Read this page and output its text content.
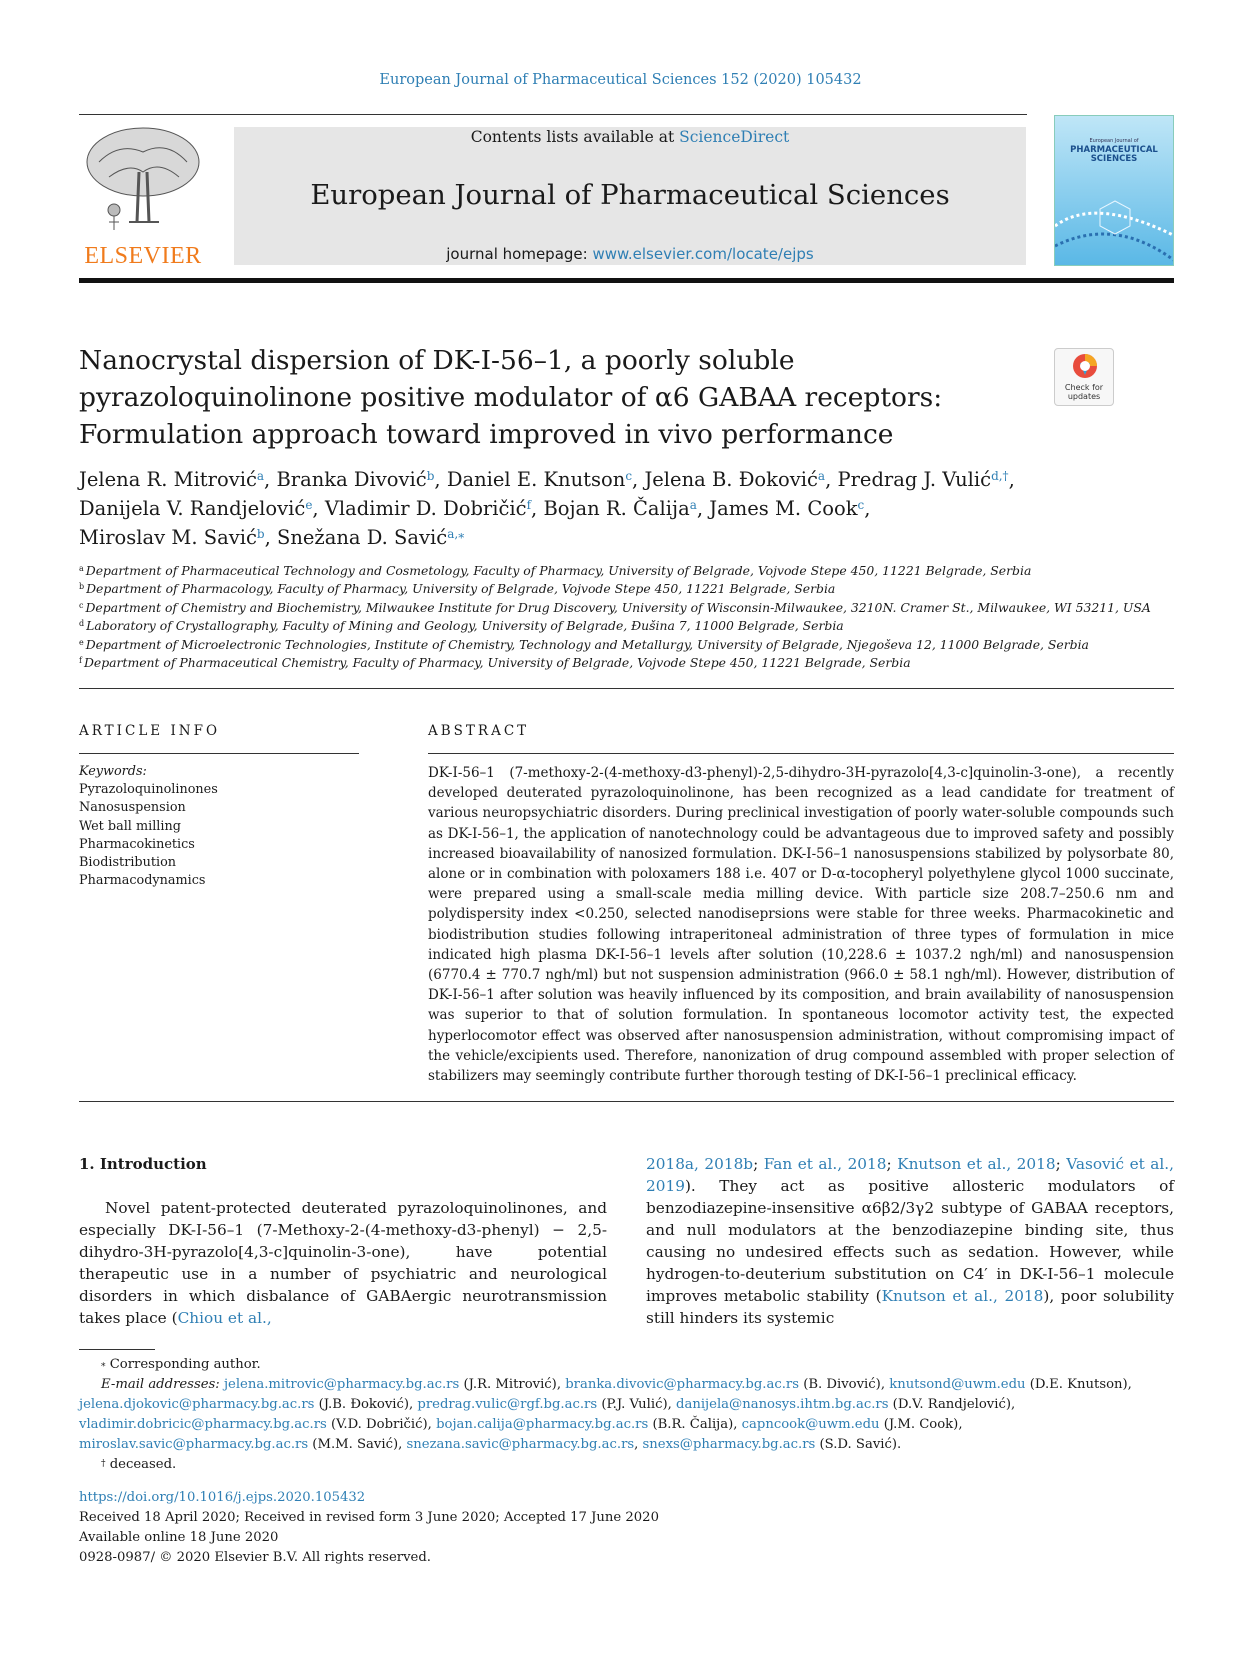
European Journal of Pharmaceutical Sciences 152 (2020) 105432
ELSEVIER
Contents lists available at ScienceDirect
European Journal of Pharmaceutical Sciences
journal homepage: www.elsevier.com/locate/ejps
European Journal of
PHARMACEUTICAL
SCIENCES
Nanocrystal dispersion of DK-I-56–1, a poorly soluble pyrazoloquinolinone positive modulator of α6 GABAA receptors: Formulation approach toward improved in vivo performance
Check for
updates
Jelena R. Mitrović$^a$, Branka Divović$^b$, Daniel E. Knutson$^c$, Jelena B. Đoković$^a$, Predrag J. Vulić$^{d,\dagger}$,
Danijela V. Randjelović$^e$, Vladimir D. Dobričić$^f$, Bojan R. Čalija$^a$, James M. Cook$^c$,
Miroslav M. Savić$^b$, Snežana D. Savić$^{a,⁎}$
$^a$ Department of Pharmaceutical Technology and Cosmetology, Faculty of Pharmacy, University of Belgrade, Vojvode Stepe 450, 11221 Belgrade, Serbia
$^b$ Department of Pharmacology, Faculty of Pharmacy, University of Belgrade, Vojvode Stepe 450, 11221 Belgrade, Serbia
$^c$ Department of Chemistry and Biochemistry, Milwaukee Institute for Drug Discovery, University of Wisconsin-Milwaukee, 3210N. Cramer St., Milwaukee, WI 53211, USA
$^d$ Laboratory of Crystallography, Faculty of Mining and Geology, University of Belgrade, Đušina 7, 11000 Belgrade, Serbia
$^e$ Department of Microelectronic Technologies, Institute of Chemistry, Technology and Metallurgy, University of Belgrade, Njegoševa 12, 11000 Belgrade, Serbia
$^f$ Department of Pharmaceutical Chemistry, Faculty of Pharmacy, University of Belgrade, Vojvode Stepe 450, 11221 Belgrade, Serbia
ARTICLE INFO	ABSTRACT
Keywords:
Pyrazoloquinolinones
Nanosuspension
Wet ball milling
Pharmacokinetics
Biodistribution
Pharmacodynamics
DK-I-56–1 (7-methoxy-2-(4-methoxy-d3-phenyl)-2,5-dihydro-3H-pyrazolo[4,3-c]quinolin-3-one), a recently developed deuterated pyrazoloquinolinone, has been recognized as a lead candidate for treatment of various neuropsychiatric disorders. During preclinical investigation of poorly water-soluble compounds such as DK-I-56–1, the application of nanotechnology could be advantageous due to improved safety and possibly increased bioavailability of nanosized formulation. DK-I-56–1 nanosuspensions stabilized by polysorbate 80, alone or in combination with poloxamers 188 i.e. 407 or D-α-tocopheryl polyethylene glycol 1000 succinate, were prepared using a small-scale media milling device. With particle size 208.7–250.6 nm and polydispersity index <0.250, selected nanodiseprsions were stable for three weeks. Pharmacokinetic and biodistribution studies following intraperitoneal administration of three types of formulation in mice indicated high plasma DK-I-56–1 levels after solution (10,228.6 ± 1037.2 ngh/ml) and nanosuspension (6770.4 ± 770.7 ngh/ml) but not suspension administration (966.0 ± 58.1 ngh/ml). However, distribution of DK-I-56–1 after solution was heavily influenced by its composition, and brain availability of nanosuspension was superior to that of solution formulation. In spontaneous locomotor activity test, the expected hyperlocomotor effect was observed after nanosuspension administration, without compromising impact of the vehicle/excipients used. Therefore, nanonization of drug compound assembled with proper selection of stabilizers may seemingly contribute further thorough testing of DK-I-56–1 preclinical efficacy.
1. Introduction
Novel patent-protected deuterated pyrazoloquinolinones, and especially DK-I-56–1 (7-Methoxy-2-(4-methoxy-d3-phenyl) − 2,5-dihydro-3H-pyrazolo[4,3-c]quinolin-3-one), have potential therapeutic use in a number of psychiatric and neurological disorders in which disbalance of GABAergic neurotransmission takes place (Chiou et al.,
2018a, 2018b; Fan et al., 2018; Knutson et al., 2018; Vasović et al., 2019). They act as positive allosteric modulators of benzodiazepine-insensitive α6β2/3γ2 subtype of GABAA receptors, and null modulators at the benzodiazepine binding site, thus causing no undesired effects such as sedation. However, while hydrogen-to-deuterium substitution on C4′ in DK-I-56–1 molecule improves metabolic stability (Knutson et al., 2018), poor solubility still hinders its systemic
⁎ Corresponding author.
E-mail addresses: jelena.mitrovic@pharmacy.bg.ac.rs (J.R. Mitrović), branka.divovic@pharmacy.bg.ac.rs (B. Divović), knutsond@uwm.edu (D.E. Knutson),
jelena.djokovic@pharmacy.bg.ac.rs (J.B. Đoković), predrag.vulic@rgf.bg.ac.rs (P.J. Vulić), danijela@nanosys.ihtm.bg.ac.rs (D.V. Randjelović),
vladimir.dobricic@pharmacy.bg.ac.rs (V.D. Dobričić), bojan.calija@pharmacy.bg.ac.rs (B.R. Čalija), capncook@uwm.edu (J.M. Cook),
miroslav.savic@pharmacy.bg.ac.rs (M.M. Savić), snezana.savic@pharmacy.bg.ac.rs, snexs@pharmacy.bg.ac.rs (S.D. Savić).
† deceased.
https://doi.org/10.1016/j.ejps.2020.105432
Received 18 April 2020; Received in revised form 3 June 2020; Accepted 17 June 2020
Available online 18 June 2020
0928-0987/ © 2020 Elsevier B.V. All rights reserved.
